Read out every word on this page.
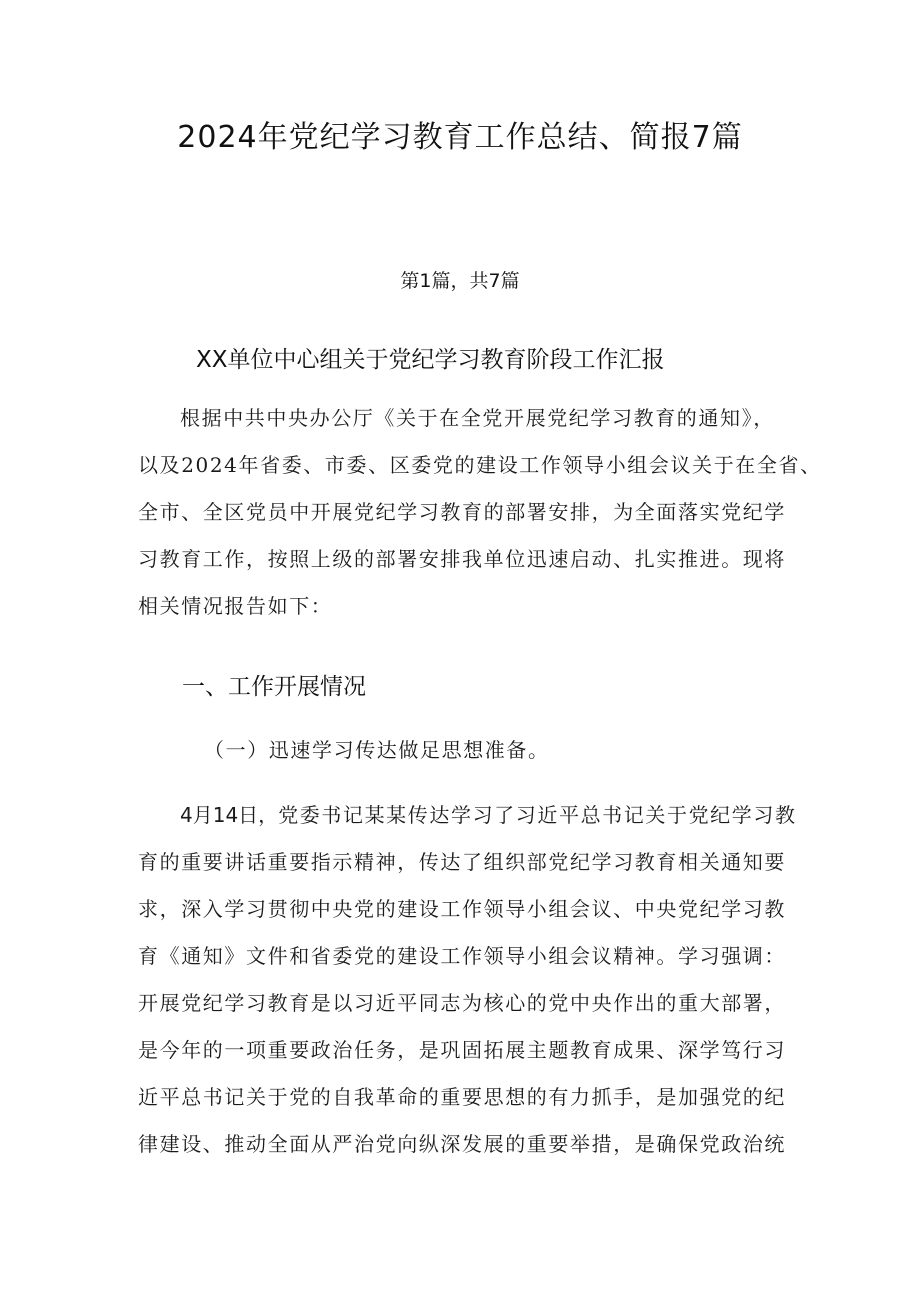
2024年党纪学习教育工作总结、简报7篇
第1篇，共7篇
XX单位中心组关于党纪学习教育阶段工作汇报
根据中共中央办公厅《关于在全党开展党纪学习教育的通知》，
以及2024年省委、市委、区委党的建设工作领导小组会议关于在全省、
全市、全区党员中开展党纪学习教育的部署安排，为全面落实党纪学
习教育工作，按照上级的部署安排我单位迅速启动、扎实推进。现将
相关情况报告如下：
一、工作开展情况
（一）迅速学习传达做足思想准备。
4月14日，党委书记某某传达学习了习近平总书记关于党纪学习教
育的重要讲话重要指示精神，传达了组织部党纪学习教育相关通知要
求，深入学习贯彻中央党的建设工作领导小组会议、中央党纪学习教
育《通知》文件和省委党的建设工作领导小组会议精神。学习强调：
开展党纪学习教育是以习近平同志为核心的党中央作出的重大部署，
是今年的一项重要政治任务，是巩固拓展主题教育成果、深学笃行习
近平总书记关于党的自我革命的重要思想的有力抓手，是加强党的纪
律建设、推动全面从严治党向纵深发展的重要举措，是确保党政治统
